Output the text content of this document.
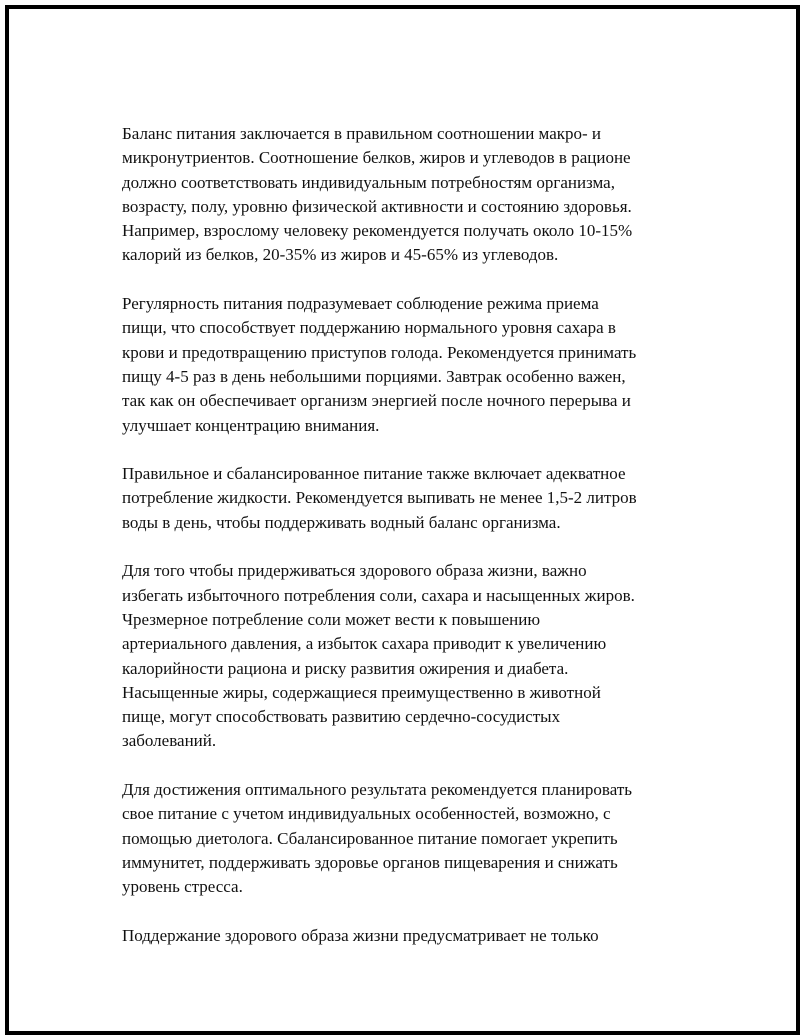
Баланс питания заключается в правильном соотношении макро- и
микронутриентов. Соотношение белков, жиров и углеводов в рационе
должно соответствовать индивидуальным потребностям организма,
возрасту, полу, уровню физической активности и состоянию здоровья.
Например, взрослому человеку рекомендуется получать около 10-15%
калорий из белков, 20-35% из жиров и 45-65% из углеводов.

Регулярность питания подразумевает соблюдение режима приема
пищи, что способствует поддержанию нормального уровня сахара в
крови и предотвращению приступов голода. Рекомендуется принимать
пищу 4-5 раз в день небольшими порциями. Завтрак особенно важен,
так как он обеспечивает организм энергией после ночного перерыва и
улучшает концентрацию внимания.

Правильное и сбалансированное питание также включает адекватное
потребление жидкости. Рекомендуется выпивать не менее 1,5-2 литров
воды в день, чтобы поддерживать водный баланс организма.

Для того чтобы придерживаться здорового образа жизни, важно
избегать избыточного потребления соли, сахара и насыщенных жиров.
Чрезмерное потребление соли может вести к повышению
артериального давления, а избыток сахара приводит к увеличению
калорийности рациона и риску развития ожирения и диабета.
Насыщенные жиры, содержащиеся преимущественно в животной
пище, могут способствовать развитию сердечно-сосудистых
заболеваний.

Для достижения оптимального результата рекомендуется планировать
свое питание с учетом индивидуальных особенностей, возможно, с
помощью диетолога. Сбалансированное питание помогает укрепить
иммунитет, поддерживать здоровье органов пищеварения и снижать
уровень стресса.

Поддержание здорового образа жизни предусматривает не только
